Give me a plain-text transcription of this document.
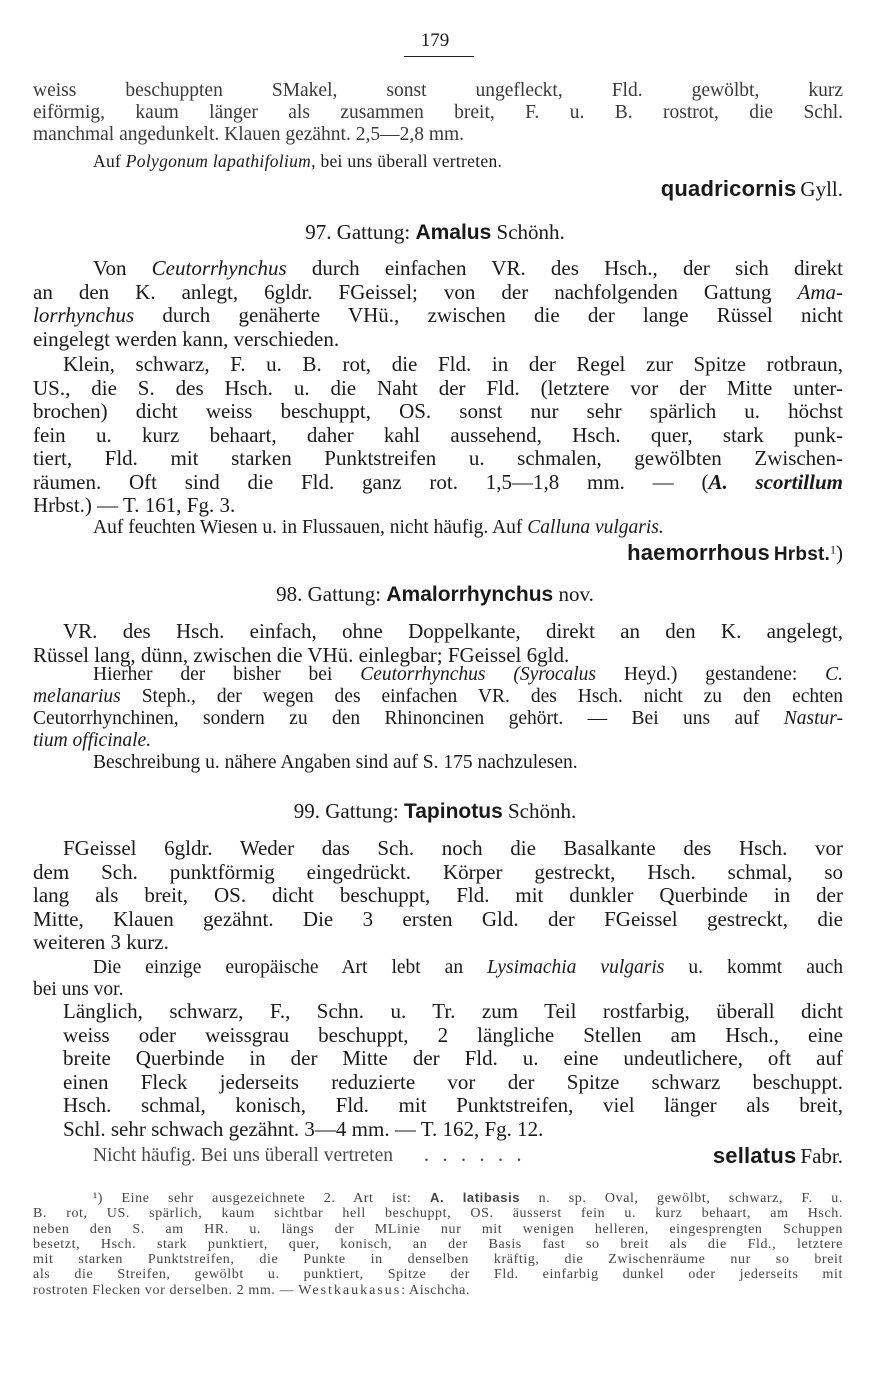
179
weiss beschuppten SMakel, sonst ungefleckt, Fld. gewölbt, kurz
eiförmig, kaum länger als zusammen breit, F. u. B. rostrot, die Schl.
manchmal angedunkelt. Klauen gezähnt. 2,5—2,8 mm.
Auf Polygonum lapathifolium, bei uns überall vertreten.
quadricornis Gyll.
97. Gattung: Amalus Schönh.
Von Ceutorrhynchus durch einfachen VR. des Hsch., der sich direkt
an den K. anlegt, 6gldr. FGeissel; von der nachfolgenden Gattung Ama-
lorrhynchus durch genäherte VHü., zwischen die der lange Rüssel nicht
eingelegt werden kann, verschieden.
Klein, schwarz, F. u. B. rot, die Fld. in der Regel zur Spitze rotbraun,
US., die S. des Hsch. u. die Naht der Fld. (letztere vor der Mitte unter-
brochen) dicht weiss beschuppt, OS. sonst nur sehr spärlich u. höchst
fein u. kurz behaart, daher kahl aussehend, Hsch. quer, stark punk-
tiert, Fld. mit starken Punktstreifen u. schmalen, gewölbten Zwischen-
räumen. Oft sind die Fld. ganz rot. 1,5—1,8 mm. — (A. scortillum
Hrbst.) — T. 161, Fg. 3.
Auf feuchten Wiesen u. in Flussauen, nicht häufig. Auf Calluna vulgaris.
haemorrhous Hrbst.$^1$)
98. Gattung: Amalorrhynchus nov.
VR. des Hsch. einfach, ohne Doppelkante, direkt an den K. angelegt,
Rüssel lang, dünn, zwischen die VHü. einlegbar; FGeissel 6gld.
Hierher der bisher bei Ceutorrhynchus (Syrocalus Heyd.) gestandene: C.
melanarius Steph., der wegen des einfachen VR. des Hsch. nicht zu den echten
Ceutorrhynchinen, sondern zu den Rhinoncinen gehört. — Bei uns auf Nastur-
tium officinale.
Beschreibung u. nähere Angaben sind auf S. 175 nachzulesen.
99. Gattung: Tapinotus Schönh.
FGeissel 6gldr. Weder das Sch. noch die Basalkante des Hsch. vor
dem Sch. punktförmig eingedrückt. Körper gestreckt, Hsch. schmal, so
lang als breit, OS. dicht beschuppt, Fld. mit dunkler Querbinde in der
Mitte, Klauen gezähnt. Die 3 ersten Gld. der FGeissel gestreckt, die
weiteren 3 kurz.
Die einzige europäische Art lebt an Lysimachia vulgaris u. kommt auch
bei uns vor.
Länglich, schwarz, F., Schn. u. Tr. zum Teil rostfarbig, überall dicht
weiss oder weissgrau beschuppt, 2 längliche Stellen am Hsch., eine
breite Querbinde in der Mitte der Fld. u. eine undeutlichere, oft auf
einen Fleck jederseits reduzierte vor der Spitze schwarz beschuppt.
Hsch. schmal, konisch, Fld. mit Punktstreifen, viel länger als breit,
Schl. sehr schwach gezähnt. 3—4 mm. — T. 162, Fg. 12.
Nicht häufig. Bei uns überall vertreten . . . . . .	sellatus Fabr.
¹) Eine sehr ausgezeichnete 2. Art ist: A. latibasis n. sp. Oval, gewölbt, schwarz, F. u.
B. rot, US. spärlich, kaum sichtbar hell beschuppt, OS. äusserst fein u. kurz behaart, am Hsch.
neben den S. am HR. u. längs der MLinie nur mit wenigen helleren, eingesprengten Schuppen
besetzt, Hsch. stark punktiert, quer, konisch, an der Basis fast so breit als die Fld., letztere
mit starken Punktstreifen, die Punkte in denselben kräftig, die Zwischenräume nur so breit
als die Streifen, gewölbt u. punktiert, Spitze der Fld. einfarbig dunkel oder jederseits mit
rostroten Flecken vor derselben. 2 mm. — Westkaukasus: Aischcha.
